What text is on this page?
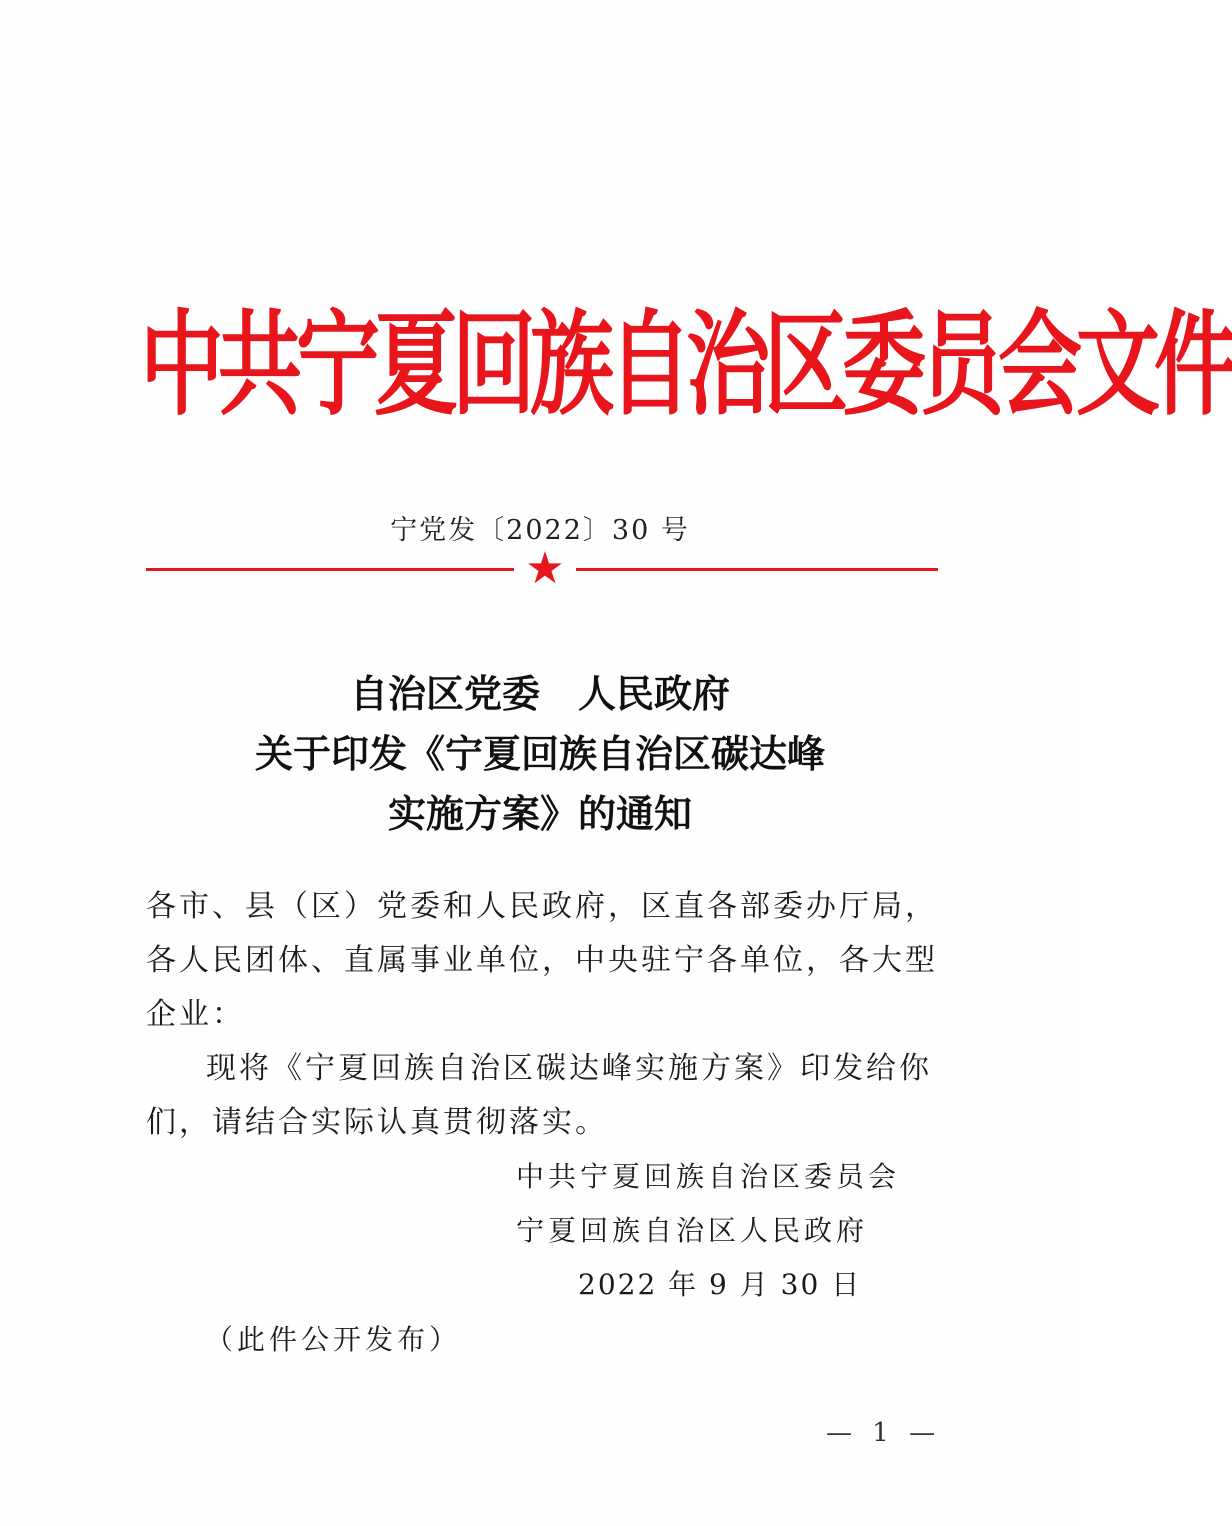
中共宁夏回族自治区委员会文件
宁党发〔2022〕30 号
★
自治区党委　人民政府
关于印发《宁夏回族自治区碳达峰
实施方案》的通知

各市、县（区）党委和人民政府，区直各部委办厅局，各人民团体、直属事业单位，中央驻宁各单位，各大型企业：

现将《宁夏回族自治区碳达峰实施方案》印发给你们，请结合实际认真贯彻落实。

中共宁夏回族自治区委员会
宁夏回族自治区人民政府
2022 年 9 月 30 日
（此件公开发布）
— 1 —
